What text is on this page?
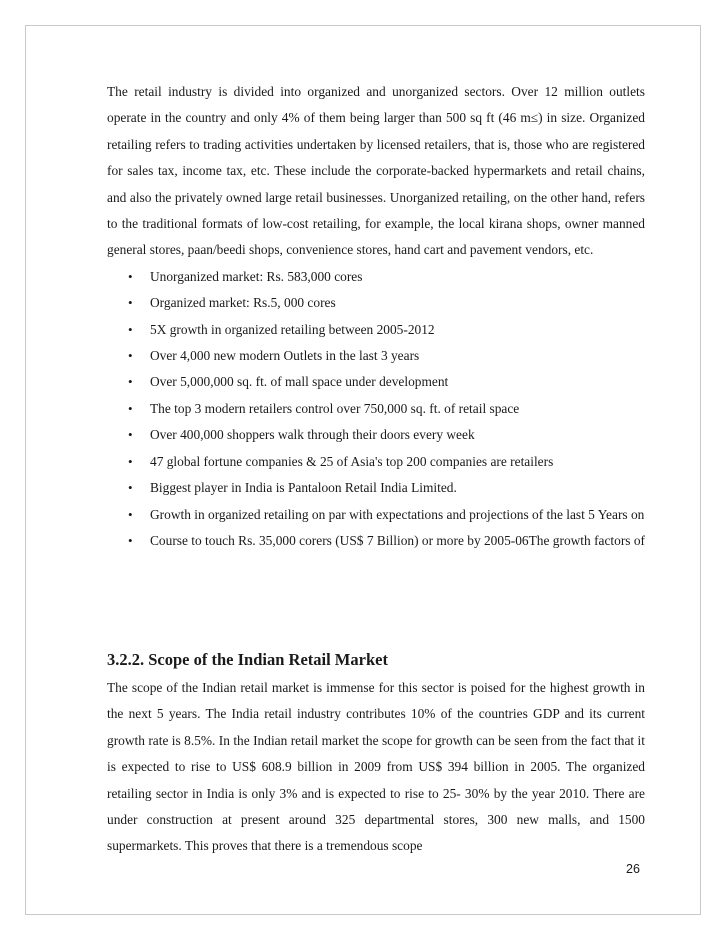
The retail industry is divided into organized and unorganized sectors. Over 12 million outlets operate in the country and only 4% of them being larger than 500 sq ft (46 m≤) in size. Organized retailing refers to trading activities undertaken by licensed retailers, that is, those who are registered for sales tax, income tax, etc. These include the corporate-backed hypermarkets and retail chains, and also the privately owned large retail businesses. Unorganized retailing, on the other hand, refers to the traditional formats of low-cost retailing, for example, the local kirana shops, owner manned general stores, paan/beedi shops, convenience stores, hand cart and pavement vendors, etc.

• Unorganized market: Rs. 583,000 cores
• Organized market: Rs.5, 000 cores
• 5X growth in organized retailing between 2005-2012
• Over 4,000 new modern Outlets in the last 3 years
• Over 5,000,000 sq. ft. of mall space under development
• The top 3 modern retailers control over 750,000 sq. ft. of retail space
• Over 400,000 shoppers walk through their doors every week
• 47 global fortune companies & 25 of Asia's top 200 companies are retailers
• Biggest player in India is Pantaloon Retail India Limited.
• Growth in organized retailing on par with expectations and projections of the last 5 Years on
• Course to touch Rs. 35,000 corers (US$ 7 Billion) or more by 2005-06The growth factors of
3.2.2. Scope of the Indian Retail Market

The scope of the Indian retail market is immense for this sector is poised for the highest growth in the next 5 years. The India retail industry contributes 10% of the countries GDP and its current growth rate is 8.5%. In the Indian retail market the scope for growth can be seen from the fact that it is expected to rise to US$ 608.9 billion in 2009 from US$ 394 billion in 2005. The organized retailing sector in India is only 3% and is expected to rise to 25- 30% by the year 2010. There are under construction at present around 325 departmental stores, 300 new malls, and 1500 supermarkets. This proves that there is a tremendous scope

26
